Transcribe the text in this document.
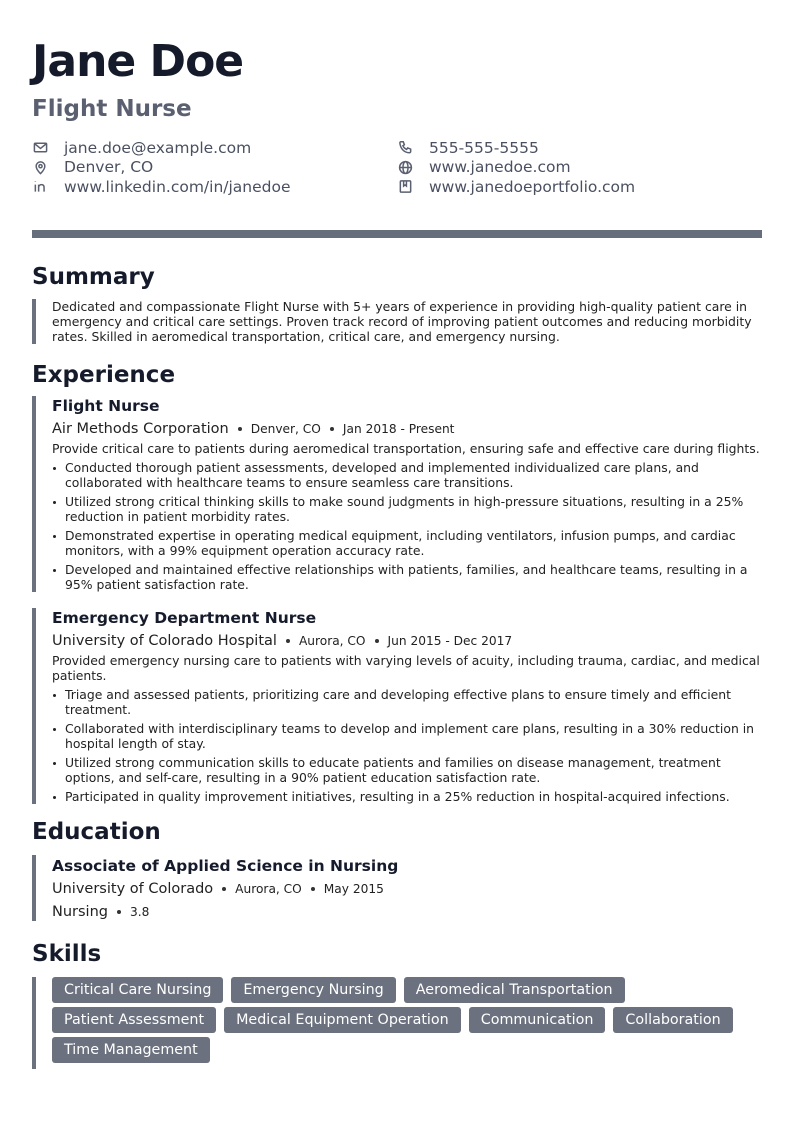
Jane Doe
Flight Nurse
jane.doe@example.com	555-555-5555
Denver, CO	www.janedoe.com
www.linkedin.com/in/janedoe	www.janedoeportfolio.com
Summary
Dedicated and compassionate Flight Nurse with 5+ years of experience in providing high-quality patient care in emergency and critical care settings. Proven track record of improving patient outcomes and reducing morbidity rates. Skilled in aeromedical transportation, critical care, and emergency nursing.
Experience
Flight Nurse
Air Methods Corporation Denver, CO Jan 2018 - Present
Provide critical care to patients during aeromedical transportation, ensuring safe and effective care during flights.
Conducted thorough patient assessments, developed and implemented individualized care plans, and collaborated with healthcare teams to ensure seamless care transitions.
Utilized strong critical thinking skills to make sound judgments in high-pressure situations, resulting in a 25% reduction in patient morbidity rates.
Demonstrated expertise in operating medical equipment, including ventilators, infusion pumps, and cardiac monitors, with a 99% equipment operation accuracy rate.
Developed and maintained effective relationships with patients, families, and healthcare teams, resulting in a 95% patient satisfaction rate.
Emergency Department Nurse
University of Colorado Hospital Aurora, CO Jun 2015 - Dec 2017
Provided emergency nursing care to patients with varying levels of acuity, including trauma, cardiac, and medical patients.
Triage and assessed patients, prioritizing care and developing effective plans to ensure timely and efficient treatment.
Collaborated with interdisciplinary teams to develop and implement care plans, resulting in a 30% reduction in hospital length of stay.
Utilized strong communication skills to educate patients and families on disease management, treatment options, and self-care, resulting in a 90% patient education satisfaction rate.
Participated in quality improvement initiatives, resulting in a 25% reduction in hospital-acquired infections.
Education
Associate of Applied Science in Nursing
University of Colorado Aurora, CO May 2015
Nursing 3.8
Skills
Critical Care Nursing	Emergency Nursing	Aeromedical Transportation
Patient Assessment	Medical Equipment Operation	Communication	Collaboration
Time Management
